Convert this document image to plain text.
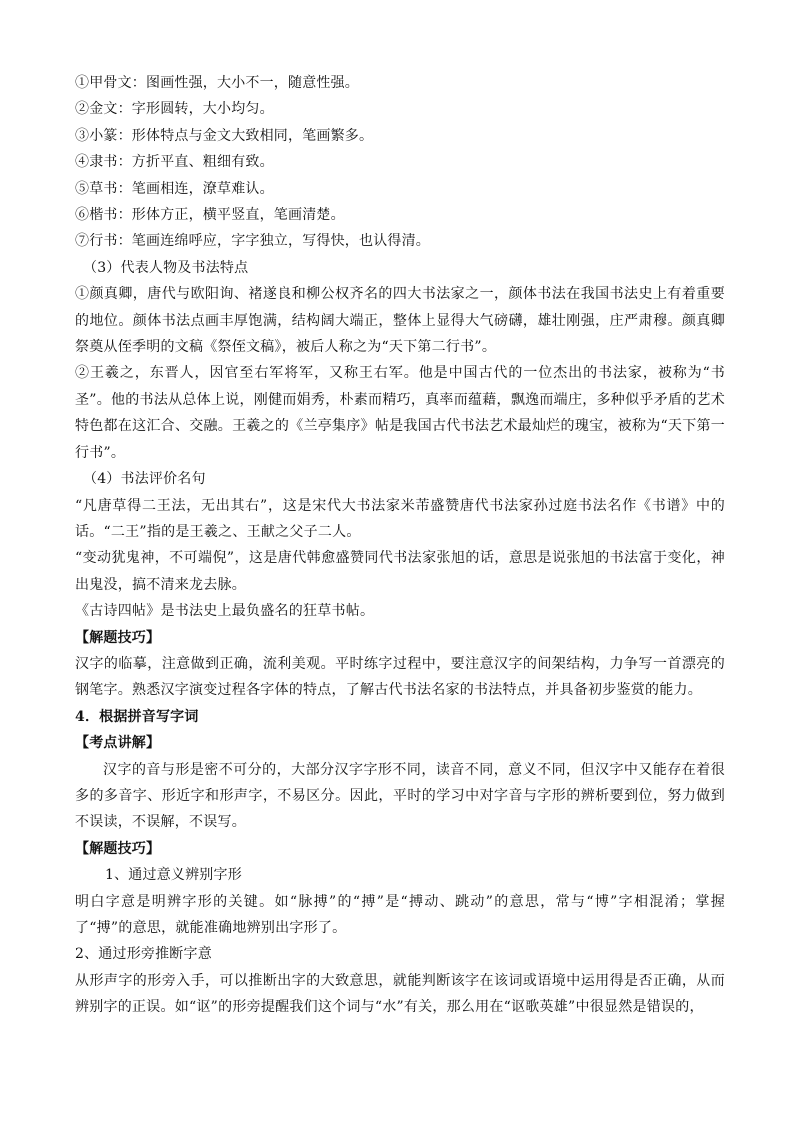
①甲骨文：图画性强，大小不一，随意性强。

②金文：字形圆转，大小均匀。

③小篆：形体特点与金文大致相同，笔画繁多。

④隶书：方折平直、粗细有致。

⑤草书：笔画相连，潦草难认。

⑥楷书：形体方正，横平竖直，笔画清楚。

⑦行书：笔画连绵呼应，字字独立，写得快，也认得清。

（3）代表人物及书法特点

①颜真卿，唐代与欧阳询、褚遂良和柳公权齐名的四大书法家之一，颜体书法在我国书法史上有着重要的地位。颜体书法点画丰厚饱满，结构阔大端正，整体上显得大气磅礴，雄壮刚强，庄严肃穆。颜真卿祭奠从侄季明的文稿《祭侄文稿》，被后人称之为“天下第二行书”。

②王羲之，东晋人，因官至右军将军，又称王右军。他是中国古代的一位杰出的书法家，被称为“书圣”。他的书法从总体上说，刚健而娟秀，朴素而精巧，真率而蕴藉，飘逸而端庄，多种似乎矛盾的艺术特色都在这汇合、交融。王羲之的《兰亭集序》帖是我国古代书法艺术最灿烂的瑰宝，被称为“天下第一行书”。

（4）书法评价名句

“凡唐草得二王法，无出其右”，这是宋代大书法家米芾盛赞唐代书法家孙过庭书法名作《书谱》中的话。“二王”指的是王羲之、王献之父子二人。

“变动犹鬼神，不可端倪”，这是唐代韩愈盛赞同代书法家张旭的话，意思是说张旭的书法富于变化，神出鬼没，搞不清来龙去脉。

《古诗四帖》是书法史上最负盛名的狂草书帖。

【解题技巧】

汉字的临摹，注意做到正确，流利美观。平时练字过程中，要注意汉字的间架结构，力争写一首漂亮的钢笔字。熟悉汉字演变过程各字体的特点，了解古代书法名家的书法特点，并具备初步鉴赏的能力。

4．根据拼音写字词

【考点讲解】

汉字的音与形是密不可分的，大部分汉字字形不同，读音不同，意义不同，但汉字中又能存在着很多的多音字、形近字和形声字，不易区分。因此，平时的学习中对字音与字形的辨析要到位，努力做到不误读，不误解，不误写。

【解题技巧】

1、通过意义辨别字形

明白字意是明辨字形的关键。如“脉搏”的“搏”是“搏动、跳动”的意思，常与“博”字相混淆；掌握了“搏”的意思，就能准确地辨别出字形了。

2、通过形旁推断字意

从形声字的形旁入手，可以推断出字的大致意思，就能判断该字在该词或语境中运用得是否正确，从而辨别字的正误。如“讴”的形旁提醒我们这个词与“水”有关，那么用在“讴歌英雄”中很显然是错误的，
